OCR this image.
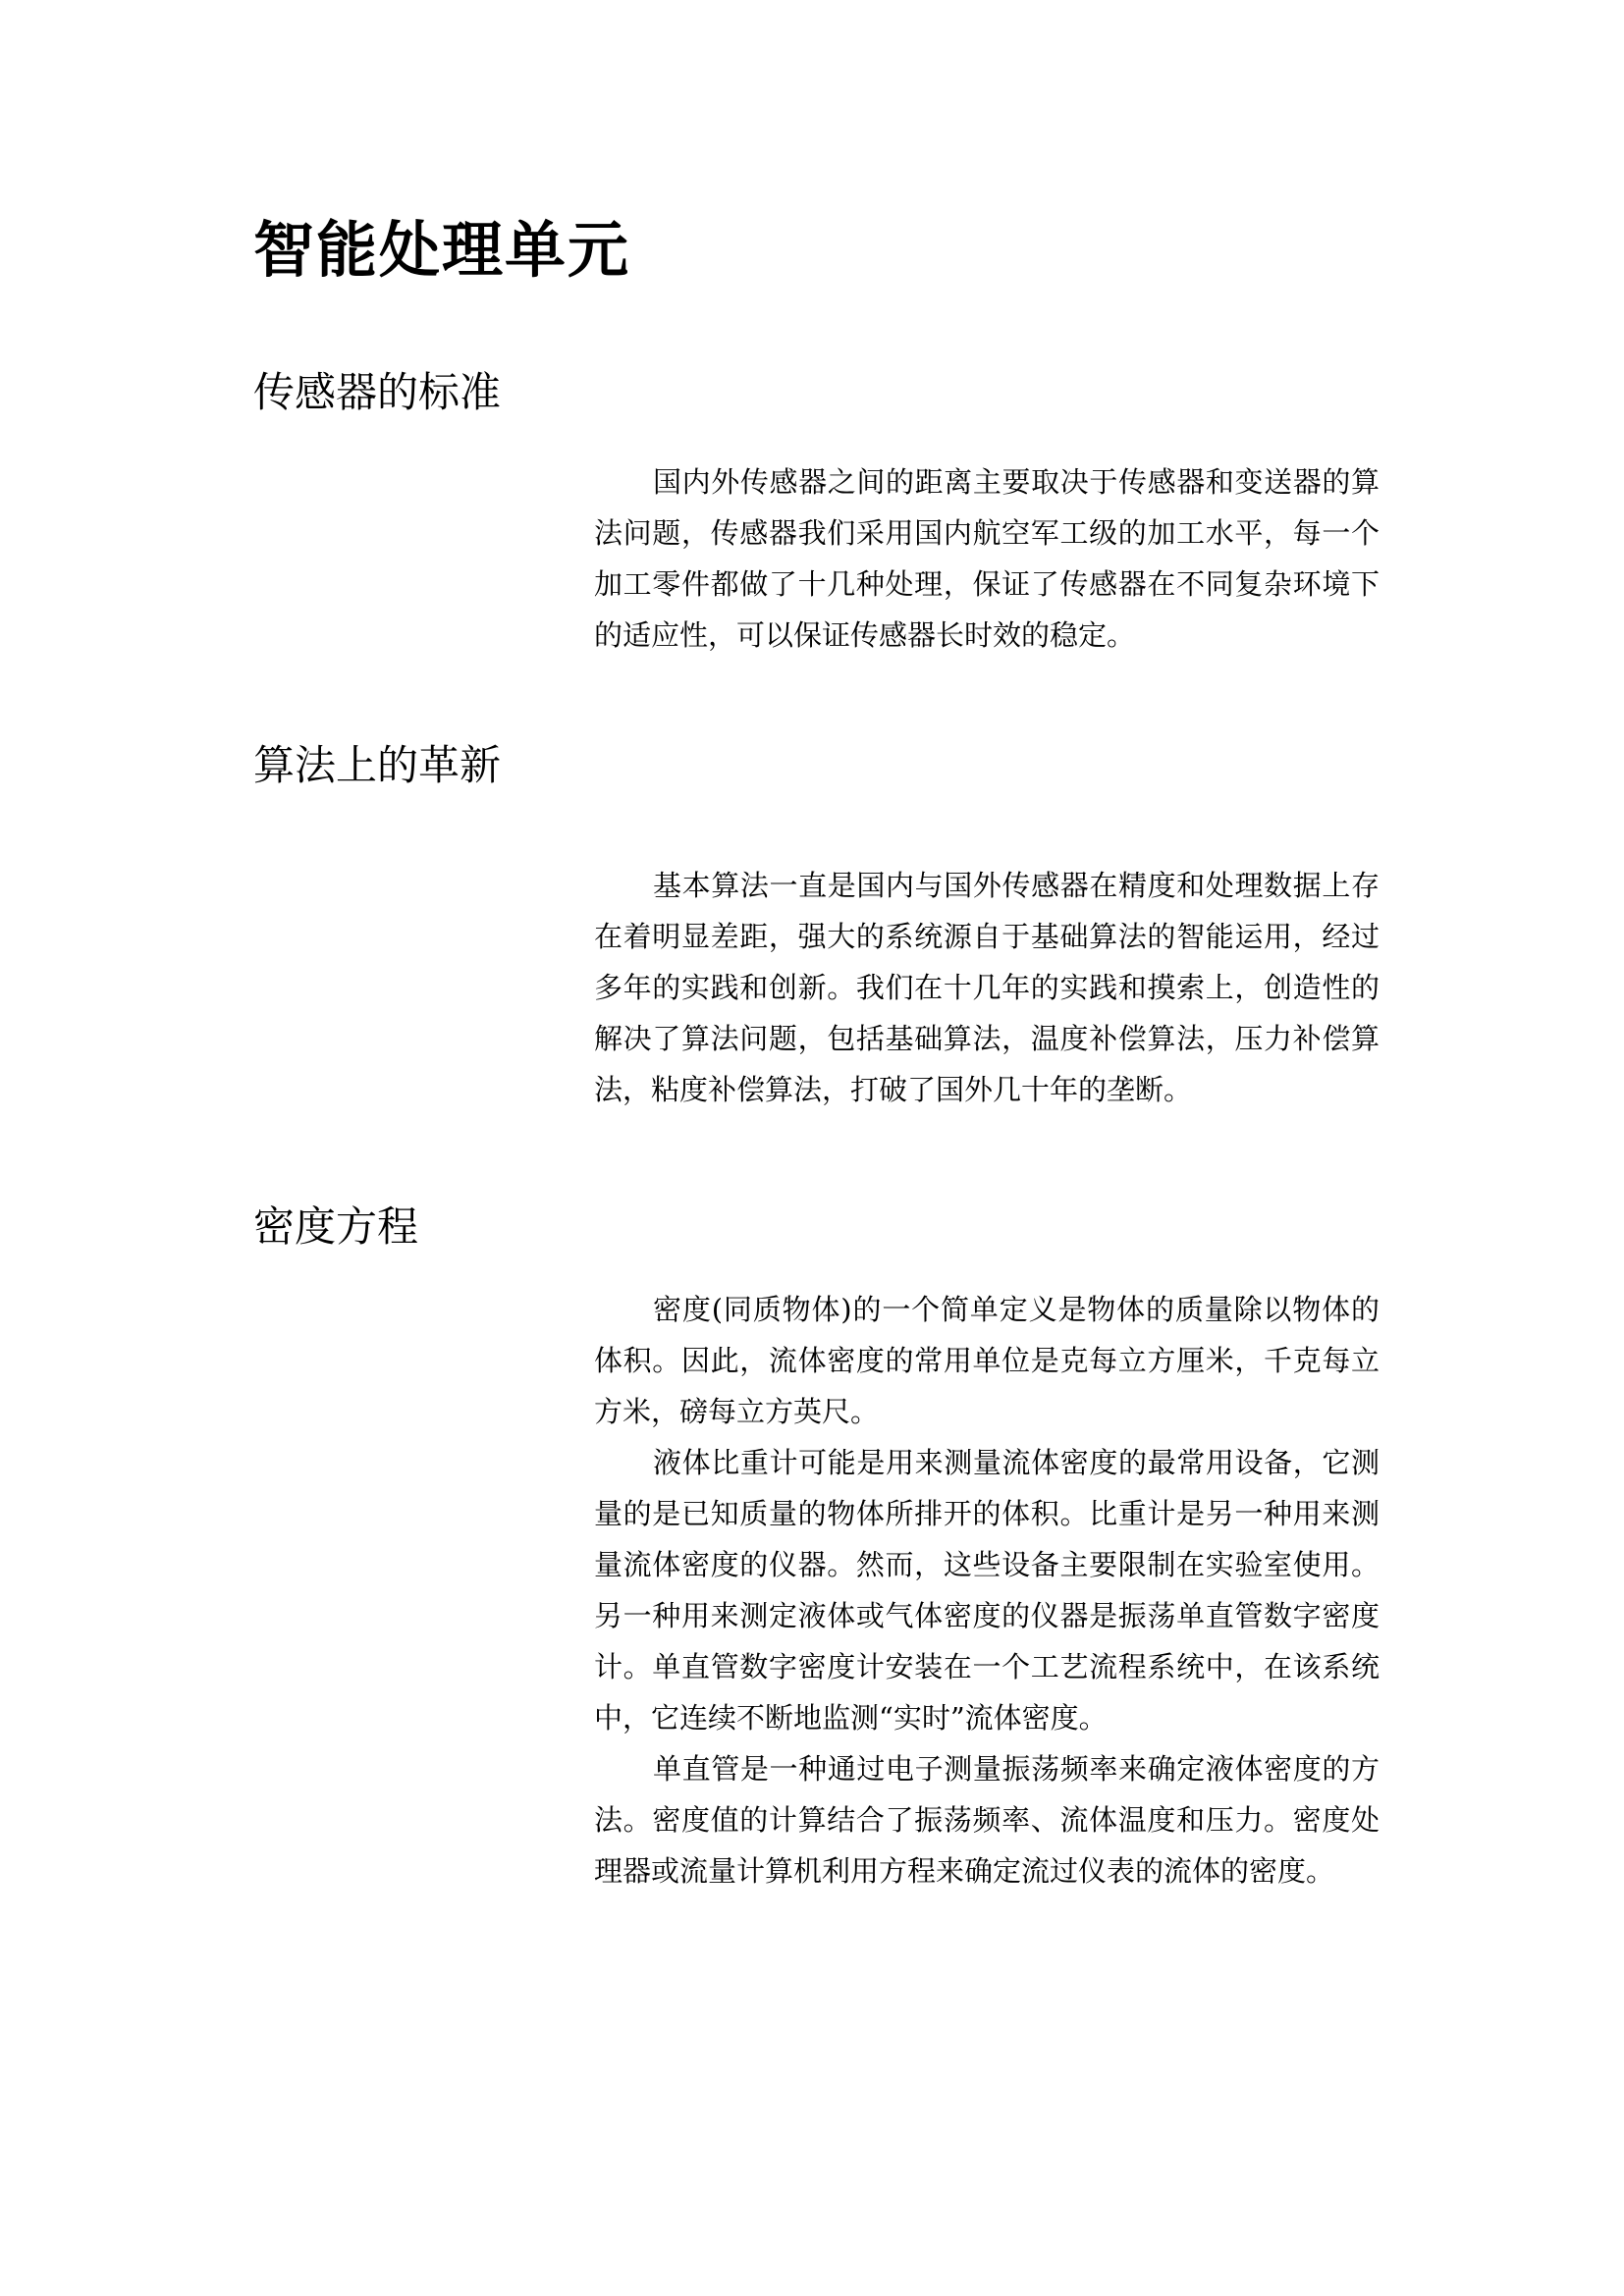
智能处理单元
传感器的标准

国内外传感器之间的距离主要取决于传感器和变送器的算法问题，传感器我们采用国内航空军工级的加工水平，每一个加工零件都做了十几种处理，保证了传感器在不同复杂环境下的适应性，可以保证传感器长时效的稳定。

算法上的革新

基本算法一直是国内与国外传感器在精度和处理数据上存在着明显差距，强大的系统源自于基础算法的智能运用，经过多年的实践和创新。我们在十几年的实践和摸索上，创造性的解决了算法问题，包括基础算法，温度补偿算法，压力补偿算法，粘度补偿算法，打破了国外几十年的垄断。

密度方程

密度(同质物体)的一个简单定义是物体的质量除以物体的体积。因此，流体密度的常用单位是克每立方厘米，千克每立方米，磅每立方英尺。

液体比重计可能是用来测量流体密度的最常用设备，它测量的是已知质量的物体所排开的体积。比重计是另一种用来测量流体密度的仪器。然而，这些设备主要限制在实验室使用。另一种用来测定液体或气体密度的仪器是振荡单直管数字密度计。单直管数字密度计安装在一个工艺流程系统中，在该系统中，它连续不断地监测“实时”流体密度。

单直管是一种通过电子测量振荡频率来确定液体密度的方法。密度值的计算结合了振荡频率、流体温度和压力。密度处理器或流量计算机利用方程来确定流过仪表的流体的密度。
